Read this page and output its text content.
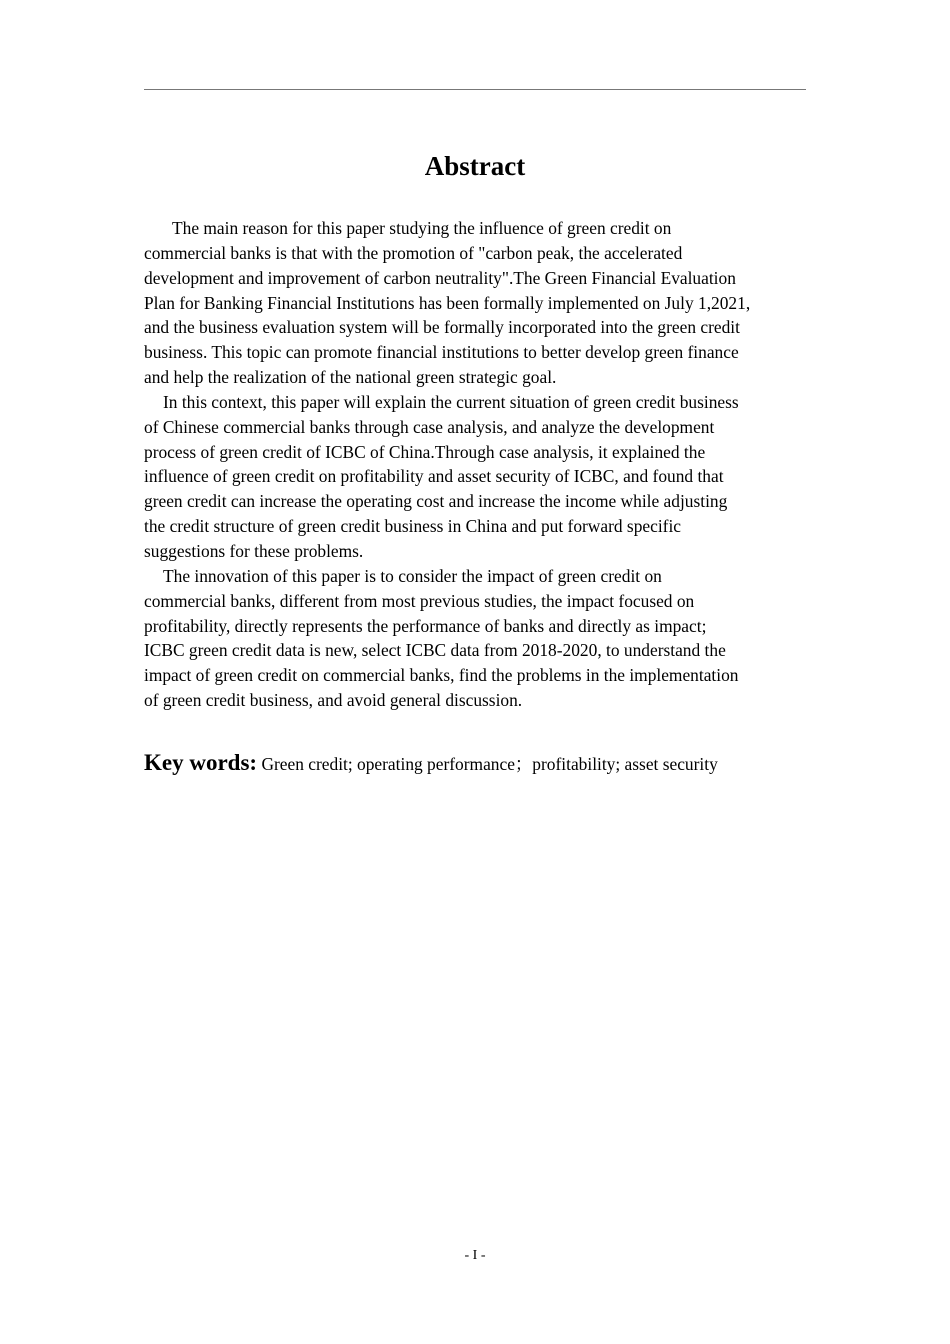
Abstract

The main reason for this paper studying the influence of green credit on
commercial banks is that with the promotion of "carbon peak, the accelerated
development and improvement of carbon neutrality".The Green Financial Evaluation
Plan for Banking Financial Institutions has been formally implemented on July 1,2021,
and the business evaluation system will be formally incorporated into the green credit
business. This topic can promote financial institutions to better develop green finance
and help the realization of the national green strategic goal.

In this context, this paper will explain the current situation of green credit business
of Chinese commercial banks through case analysis, and analyze the development
process of green credit of ICBC of China.Through case analysis, it explained the
influence of green credit on profitability and asset security of ICBC, and found that
green credit can increase the operating cost and increase the income while adjusting
the credit structure of green credit business in China and put forward specific
suggestions for these problems.

The innovation of this paper is to consider the impact of green credit on
commercial banks, different from most previous studies, the impact focused on
profitability, directly represents the performance of banks and directly as impact;
ICBC green credit data is new, select ICBC data from 2018-2020, to understand the
impact of green credit on commercial banks, find the problems in the implementation
of green credit business, and avoid general discussion.

Key words: Green credit; operating performance；profitability; asset security
- I -
